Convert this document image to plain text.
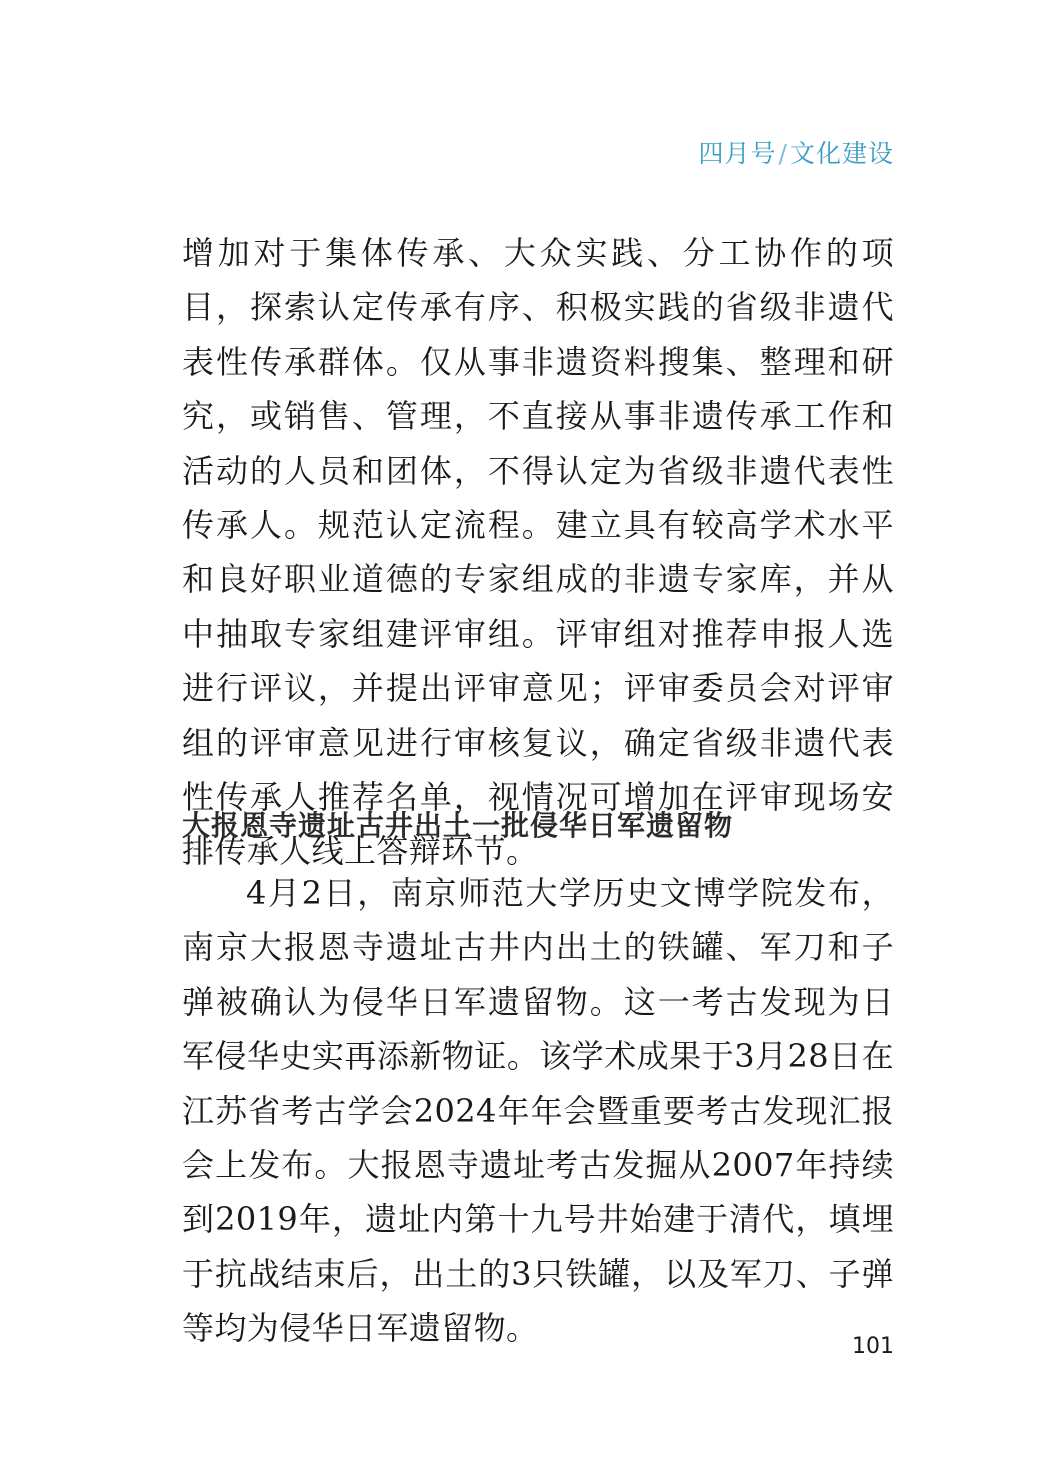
四月号/文化建设

增加对于集体传承、大众实践、分工协作的项目，探索认定传承有序、积极实践的省级非遗代表性传承群体。仅从事非遗资料搜集、整理和研究，或销售、管理，不直接从事非遗传承工作和活动的人员和团体，不得认定为省级非遗代表性传承人。规范认定流程。建立具有较高学术水平和良好职业道德的专家组成的非遗专家库，并从中抽取专家组建评审组。评审组对推荐申报人选进行评议，并提出评审意见；评审委员会对评审组的评审意见进行审核复议，确定省级非遗代表性传承人推荐名单，视情况可增加在评审现场安排传承人线上答辩环节。

大报恩寺遗址古井出土一批侵华日军遗留物

4月2日，南京师范大学历史文博学院发布，南京大报恩寺遗址古井内出土的铁罐、军刀和子弹被确认为侵华日军遗留物。这一考古发现为日军侵华史实再添新物证。该学术成果于3月28日在江苏省考古学会2024年年会暨重要考古发现汇报会上发布。大报恩寺遗址考古发掘从2007年持续到2019年，遗址内第十九号井始建于清代，填埋于抗战结束后，出土的3只铁罐，以及军刀、子弹等均为侵华日军遗留物。	101
